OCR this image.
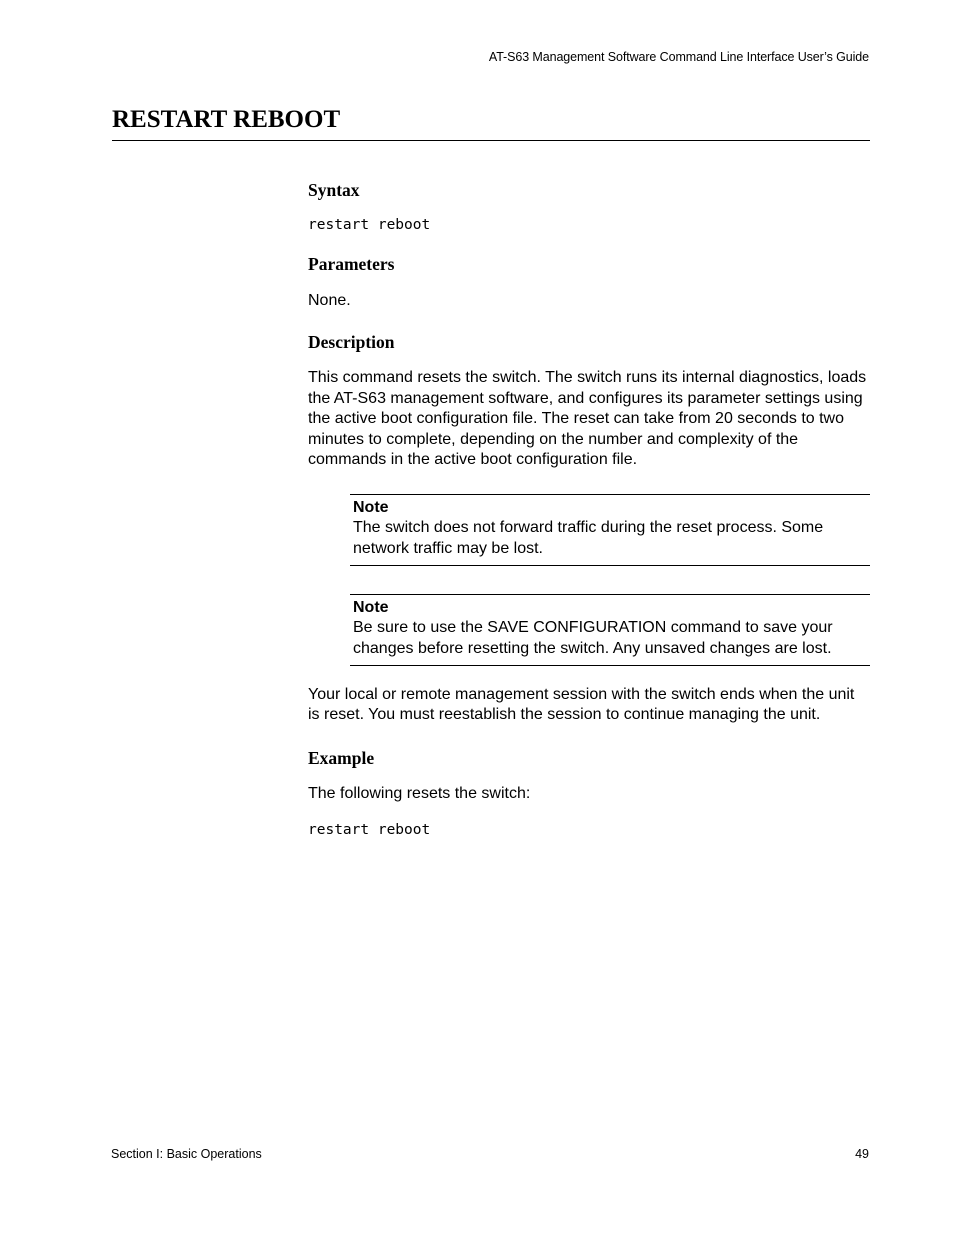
AT-S63 Management Software Command Line Interface User’s Guide
RESTART REBOOT
Syntax
restart reboot
Parameters

None.

Description

This command resets the switch. The switch runs its internal diagnostics, loads the AT-S63 management software, and configures its parameter settings using the active boot configuration file. The reset can take from 20 seconds to two minutes to complete, depending on the number and complexity of the commands in the active boot configuration file.

Note
The switch does not forward traffic during the reset process. Some network traffic may be lost.
Note
Be sure to use the SAVE CONFIGURATION command to save your changes before resetting the switch. Any unsaved changes are lost.

Your local or remote management session with the switch ends when the unit is reset. You must reestablish the session to continue managing the unit.

Example

The following resets the switch:

restart reboot
Section I: Basic Operations	49
